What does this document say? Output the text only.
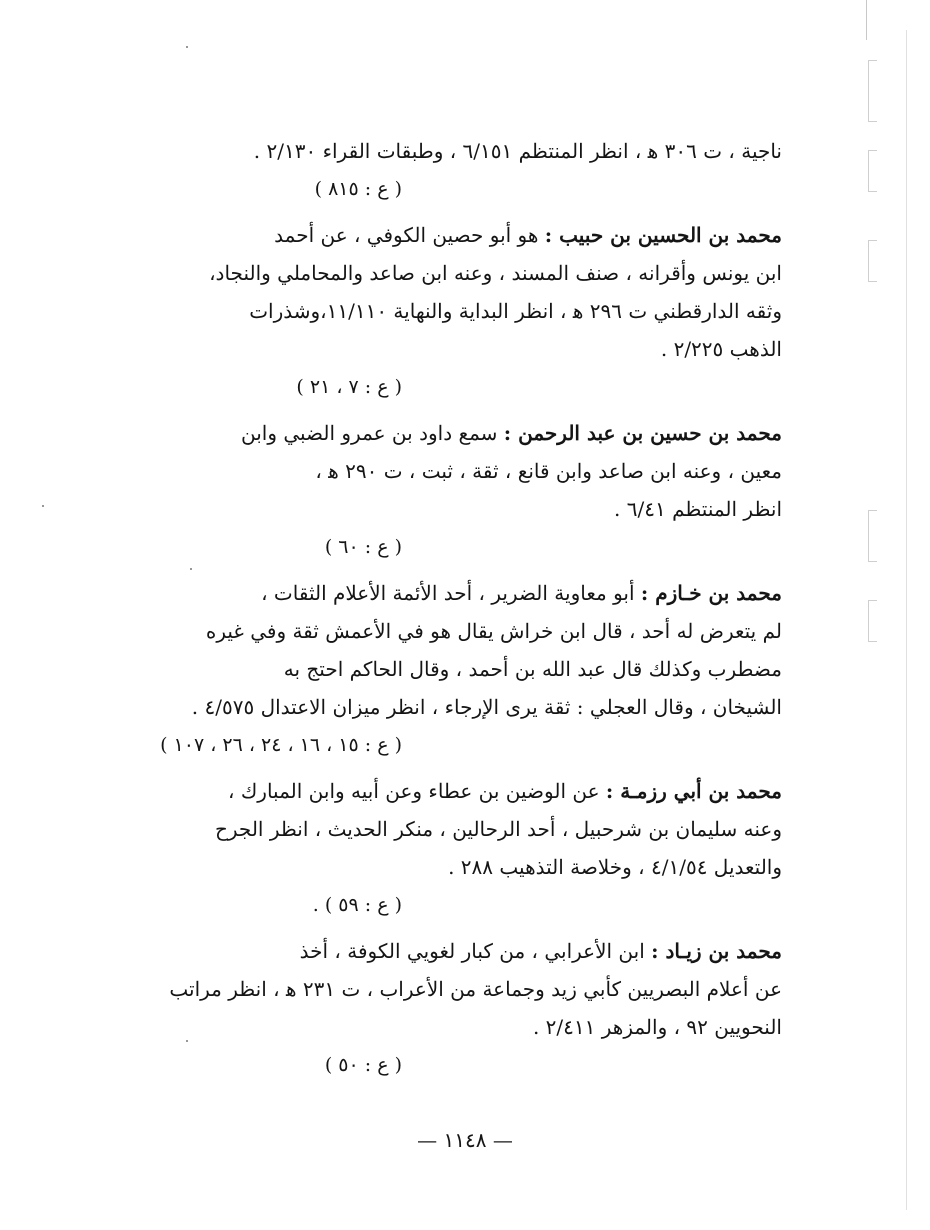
ناجية ، ت ٣٠٦ ﻫ ، انظر المنتظم ٦/١٥١ ، وطبقات القراء ٢/١٣٠ .
( ع : ٨١٥ )
محمد بن الحسين بن حبيب : هو أبو حصين الكوفي ، عن أحمد
ابن يونس وأقرانه ، صنف المسند ، وعنه ابن صاعد والمحاملي والنجاد،
وثقه الدارقطني ت ٢٩٦ ﻫ ، انظر البداية والنهاية ١١/١١٠،وشذرات
الذهب ٢/٢٢٥ .
( ع : ٧ ، ٢١ )
محمد بن حسين بن عبد الرحمن : سمع داود بن عمرو الضبي وابن
معين ، وعنه ابن صاعد وابن قانع ، ثقة ، ثبت ، ت ٢٩٠ ﻫ ،
انظر المنتظم ٦/٤١ .
( ع : ٦٠ )
محمد بن خـازم : أبو معاوية الضرير ، أحد الأئمة الأعلام الثقات ،
لم يتعرض له أحد ، قال ابن خراش يقال هو في الأعمش ثقة وفي غيره
مضطرب وكذلك قال عبد الله بن أحمد ، وقال الحاكم احتج به
الشيخان ، وقال العجلي : ثقة يرى الإرجاء ، انظر ميزان الاعتدال ٤/٥٧٥ .
( ع : ١٥ ، ١٦ ، ٢٤ ، ٢٦ ، ١٠٧ )
محمد بن أبي رزمـة : عن الوضين بن عطاء وعن أبيه وابن المبارك ،
وعنه سليمان بن شرحبيل ، أحد الرحالين ، منكر الحديث ، انظر الجرح
والتعديل ٤/١/٥٤ ، وخلاصة التذهيب ٢٨٨ .
( ع : ٥٩ ) .
محمد بن زيـاد : ابن الأعرابي ، من كبار لغويي الكوفة ، أخذ
عن أعلام البصريين كأبي زيد وجماعة من الأعراب ، ت ٢٣١ ﻫ ، انظر مراتب
النحويين ٩٢ ، والمزهر ٢/٤١١ .
( ع : ٥٠ )
— ١١٤٨ —
